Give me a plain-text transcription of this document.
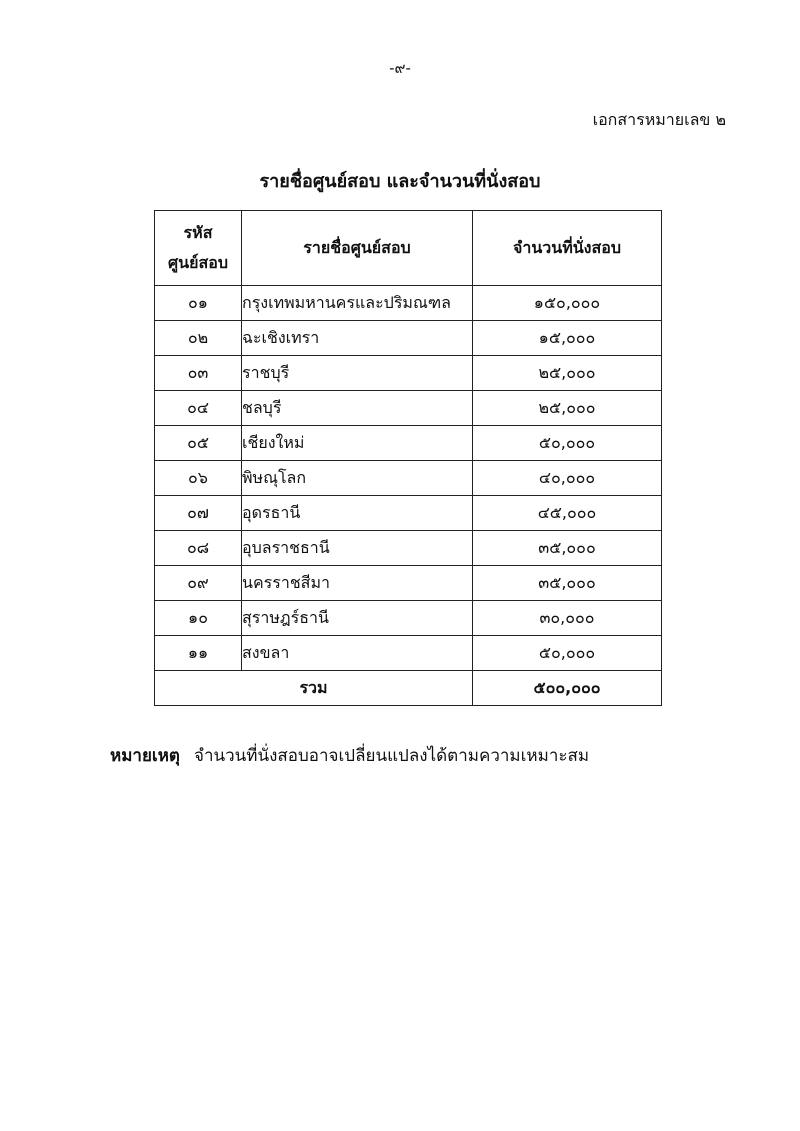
-๙-
เอกสารหมายเลข ๒
รายชื่อศูนย์สอบ และจำนวนที่นั่งสอบ
รหัส
ศูนย์สอบ	รายชื่อศูนย์สอบ	จำนวนที่นั่งสอบ
๐๑	กรุงเทพมหานครและปริมณฑล	๑๕๐,๐๐๐
๐๒	ฉะเชิงเทรา	๑๕,๐๐๐
๐๓	ราชบุรี	๒๕,๐๐๐
๐๔	ชลบุรี	๒๕,๐๐๐
๐๕	เชียงใหม่	๕๐,๐๐๐
๐๖	พิษณุโลก	๔๐,๐๐๐
๐๗	อุดรธานี	๔๕,๐๐๐
๐๘	อุบลราชธานี	๓๕,๐๐๐
๐๙	นครราชสีมา	๓๕,๐๐๐
๑๐	สุราษฎร์ธานี	๓๐,๐๐๐
๑๑	สงขลา	๕๐,๐๐๐
รวม		๕๐๐,๐๐๐
หมายเหตุ จำนวนที่นั่งสอบอาจเปลี่ยนแปลงได้ตามความเหมาะสม
